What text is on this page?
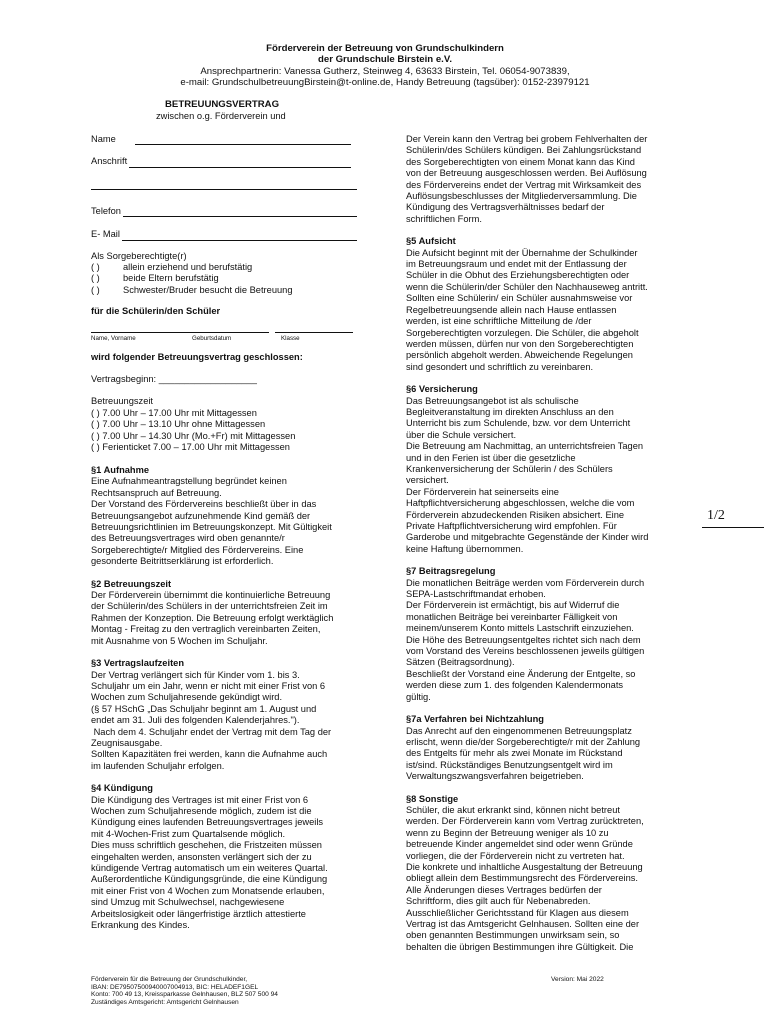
Förderverein der Betreuung von Grundschulkindern
der Grundschule Birstein e.V.
Ansprechpartnerin: Vanessa Gutherz, Steinweg 4, 63633 Birstein, Tel. 06054-9073839,
e-mail: GrundschulbetreuungBirstein@t-online.de, Handy Betreuung (tagsüber): 0152-23979121
BETREUUNGSVERTRAG
zwischen o.g. Förderverein und
Name
Anschrift
Telefon
E- Mail
Als Sorgeberechtigte(r)
( ) allein erziehend und berufstätig
( ) beide Eltern berufstätig
( ) Schwester/Bruder besucht die Betreuung
für die Schülerin/den Schüler
Name, Vorname	Geburtsdatum	Klasse
wird folgender Betreuungsvertrag geschlossen:
Vertragsbeginn: ___________________
Betreuungszeit
( ) 7.00 Uhr – 17.00 Uhr mit Mittagessen
( ) 7.00 Uhr – 13.10 Uhr ohne Mittagessen
( ) 7.00 Uhr – 14.30 Uhr (Mo.+Fr) mit Mittagessen
( ) Ferienticket 7.00 – 17.00 Uhr mit Mittagessen
§1 Aufnahme
Eine Aufnahmeantragstellung begründet keinen
Rechtsanspruch auf Betreuung.
Der Vorstand des Fördervereins beschließt über in das
Betreuungsangebot aufzunehmende Kind gemäß der
Betreuungsrichtlinien im Betreuungskonzept. Mit Gültigkeit
des Betreuungsvertrages wird oben genannte/r
Sorgeberechtigte/r Mitglied des Fördervereins. Eine
gesonderte Beitrittserklärung ist erforderlich.
§2 Betreuungszeit
Der Förderverein übernimmt die kontinuierliche Betreuung
der Schülerin/des Schülers in der unterrichtsfreien Zeit im
Rahmen der Konzeption. Die Betreuung erfolgt werktäglich
Montag - Freitag zu den vertraglich vereinbarten Zeiten,
mit Ausnahme von 5 Wochen im Schuljahr.
§3 Vertragslaufzeiten
Der Vertrag verlängert sich für Kinder vom 1. bis 3.
Schuljahr um ein Jahr, wenn er nicht mit einer Frist von 6
Wochen zum Schuljahresende gekündigt wird.
(§ 57 HSchG „Das Schuljahr beginnt am 1. August und
endet am 31. Juli des folgenden Kalenderjahres.").
Nach dem 4. Schuljahr endet der Vertrag mit dem Tag der
Zeugnisausgabe.
Sollten Kapazitäten frei werden, kann die Aufnahme auch
im laufenden Schuljahr erfolgen.
§4 Kündigung
Die Kündigung des Vertrages ist mit einer Frist von 6
Wochen zum Schuljahresende möglich, zudem ist die
Kündigung eines laufenden Betreuungsvertrages jeweils
mit 4-Wochen-Frist zum Quartalsende möglich.
Dies muss schriftlich geschehen, die Fristzeiten müssen
eingehalten werden, ansonsten verlängert sich der zu
kündigende Vertrag automatisch um ein weiteres Quartal.
Außerordentliche Kündigungsgründe, die eine Kündigung
mit einer Frist von 4 Wochen zum Monatsende erlauben,
sind Umzug mit Schulwechsel, nachgewiesene
Arbeitslosigkeit oder längerfristige ärztlich attestierte
Erkrankung des Kindes.
Der Verein kann den Vertrag bei grobem Fehlverhalten der
Schülerin/des Schülers kündigen. Bei Zahlungsrückstand
des Sorgeberechtigten von einem Monat kann das Kind
von der Betreuung ausgeschlossen werden. Bei Auflösung
des Fördervereins endet der Vertrag mit Wirksamkeit des
Auflösungsbeschlusses der Mitgliederversammlung. Die
Kündigung des Vertragsverhältnisses bedarf der
schriftlichen Form.
§5 Aufsicht
Die Aufsicht beginnt mit der Übernahme der Schulkinder
im Betreuungsraum und endet mit der Entlassung der
Schüler in die Obhut des Erziehungsberechtigten oder
wenn die Schülerin/der Schüler den Nachhauseweg antritt.
Sollten eine Schülerin/ ein Schüler ausnahmsweise vor
Regelbetreuungsende allein nach Hause entlassen
werden, ist eine schriftliche Mitteilung de /der
Sorgeberechtigten vorzulegen. Die Schüler, die abgeholt
werden müssen, dürfen nur von den Sorgeberechtigten
persönlich abgeholt werden. Abweichende Regelungen
sind gesondert und schriftlich zu vereinbaren.
§6 Versicherung
Das Betreuungsangebot ist als schulische
Begleitveranstaltung im direkten Anschluss an den
Unterricht bis zum Schulende, bzw. vor dem Unterricht
über die Schule versichert.
Die Betreuung am Nachmittag, an unterrichtsfreien Tagen
und in den Ferien ist über die gesetzliche
Krankenversicherung der Schülerin / des Schülers
versichert.
Der Förderverein hat seinerseits eine
Haftpflichtversicherung abgeschlossen, welche die vom
Förderverein abzudeckenden Risiken absichert. Eine
Private Haftpflichtversicherung wird empfohlen. Für
Garderobe und mitgebrachte Gegenstände der Kinder wird
keine Haftung übernommen.
§7 Beitragsregelung
Die monatlichen Beiträge werden vom Förderverein durch
SEPA-Lastschriftmandat erhoben.
Der Förderverein ist ermächtigt, bis auf Widerruf die
monatlichen Beiträge bei vereinbarter Fälligkeit von
meinem/unserem Konto mittels Lastschrift einzuziehen.
Die Höhe des Betreuungsentgeltes richtet sich nach dem
vom Vorstand des Vereins beschlossenen jeweils gültigen
Sätzen (Beitragsordnung).
Beschließt der Vorstand eine Änderung der Entgelte, so
werden diese zum 1. des folgenden Kalendermonats
gültig.
§7a Verfahren bei Nichtzahlung
Das Anrecht auf den eingenommenen Betreuungsplatz
erlischt, wenn die/der Sorgeberechtigte/r mit der Zahlung
des Entgelts für mehr als zwei Monate im Rückstand
ist/sind. Rückständiges Benutzungsentgelt wird im
Verwaltungszwangsverfahren beigetrieben.
§8 Sonstige
Schüler, die akut erkrankt sind, können nicht betreut
werden. Der Förderverein kann vom Vertrag zurücktreten,
wenn zu Beginn der Betreuung weniger als 10 zu
betreuende Kinder angemeldet sind oder wenn Gründe
vorliegen, die der Förderverein nicht zu vertreten hat.
Die konkrete und inhaltliche Ausgestaltung der Betreuung
obliegt allein dem Bestimmungsrecht des Fördervereins.
Alle Änderungen dieses Vertrages bedürfen der
Schriftform, dies gilt auch für Nebenabreden.
Ausschließlicher Gerichtsstand für Klagen aus diesem
Vertrag ist das Amtsgericht Gelnhausen. Sollten eine der
oben genannten Bestimmungen unwirksam sein, so
behalten die übrigen Bestimmungen ihre Gültigkeit. Die
1/2
Förderverein für die Betreuung der Grundschulkinder,
IBAN: DE79507500940007004913, BIC: HELADEF1GEL
Konto: 700 49 13, Kreissparkasse Gelnhausen, BLZ 507 500 94
Zuständiges Amtsgericht: Amtsgericht Gelnhausen
Version: Mai 2022
